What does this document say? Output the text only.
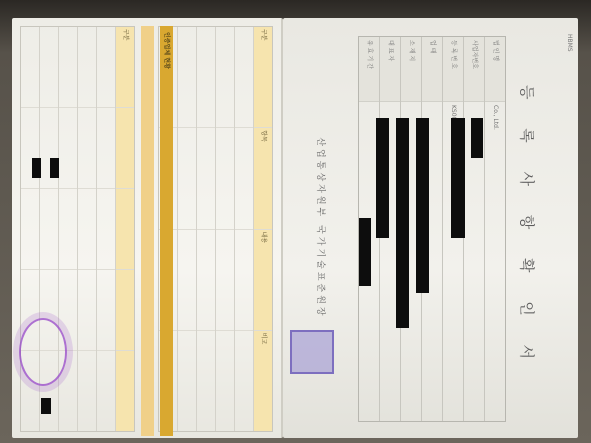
HBMS
등 록 사 항 확 인 서
법 인 명
Co., Ltd.
사업자번호
등 록 번 호
업 태
소 재 지
대 표 자
유 효 기 간
산업통상자원부 국가기술표준원장
구분
항목
내용
비고
인증업체 현황
구분
